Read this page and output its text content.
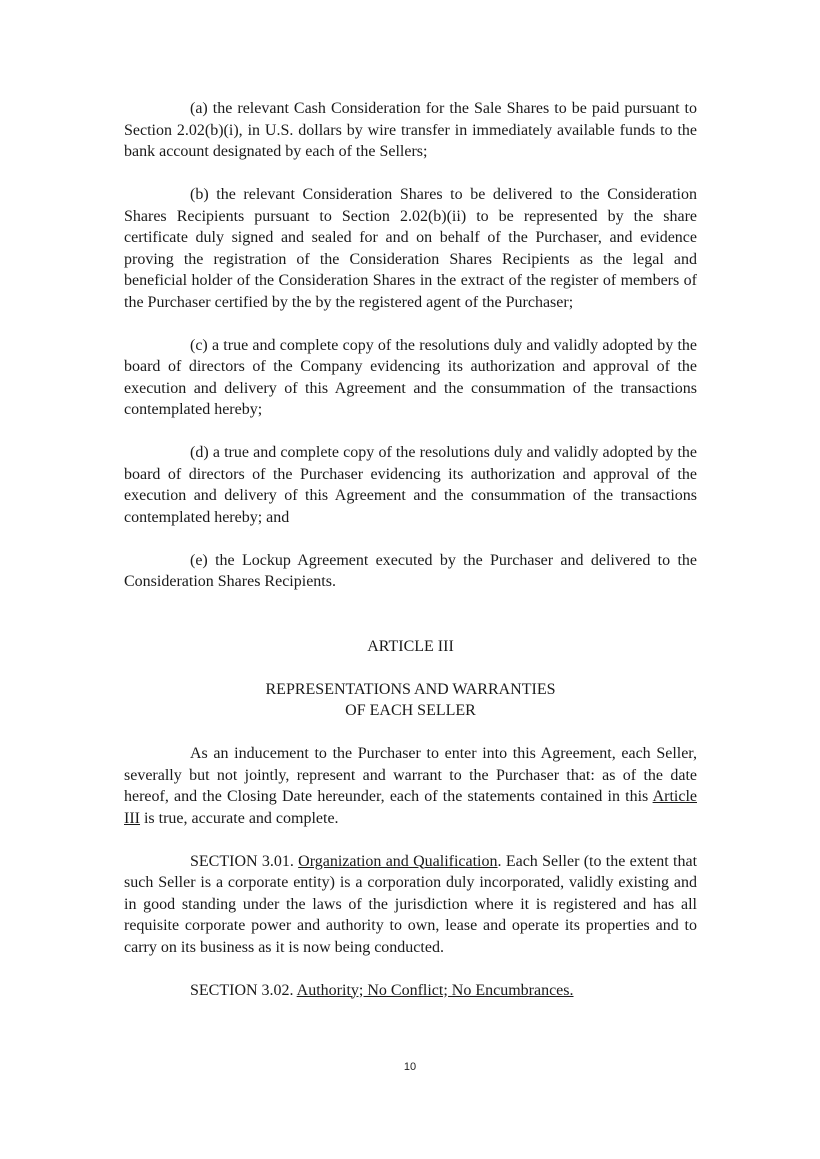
(a) the relevant Cash Consideration for the Sale Shares to be paid pursuant to Section 2.02(b)(i), in U.S. dollars by wire transfer in immediately available funds to the bank account designated by each of the Sellers;

(b) the relevant Consideration Shares to be delivered to the Consideration Shares Recipients pursuant to Section 2.02(b)(ii) to be represented by the share certificate duly signed and sealed for and on behalf of the Purchaser, and evidence proving the registration of the Consideration Shares Recipients as the legal and beneficial holder of the Consideration Shares in the extract of the register of members of the Purchaser certified by the by the registered agent of the Purchaser;

(c) a true and complete copy of the resolutions duly and validly adopted by the board of directors of the Company evidencing its authorization and approval of the execution and delivery of this Agreement and the consummation of the transactions contemplated hereby;

(d) a true and complete copy of the resolutions duly and validly adopted by the board of directors of the Purchaser evidencing its authorization and approval of the execution and delivery of this Agreement and the consummation of the transactions contemplated hereby; and

(e) the Lockup Agreement executed by the Purchaser and delivered to the Consideration Shares Recipients.

ARTICLE III

REPRESENTATIONS AND WARRANTIES

OF EACH SELLER

As an inducement to the Purchaser to enter into this Agreement, each Seller, severally but not jointly, represent and warrant to the Purchaser that: as of the date hereof, and the Closing Date hereunder, each of the statements contained in this Article III is true, accurate and complete.

SECTION 3.01. Organization and Qualification. Each Seller (to the extent that such Seller is a corporate entity) is a corporation duly incorporated, validly existing and in good standing under the laws of the jurisdiction where it is registered and has all requisite corporate power and authority to own, lease and operate its properties and to carry on its business as it is now being conducted.

SECTION 3.02. Authority; No Conflict; No Encumbrances.

10
